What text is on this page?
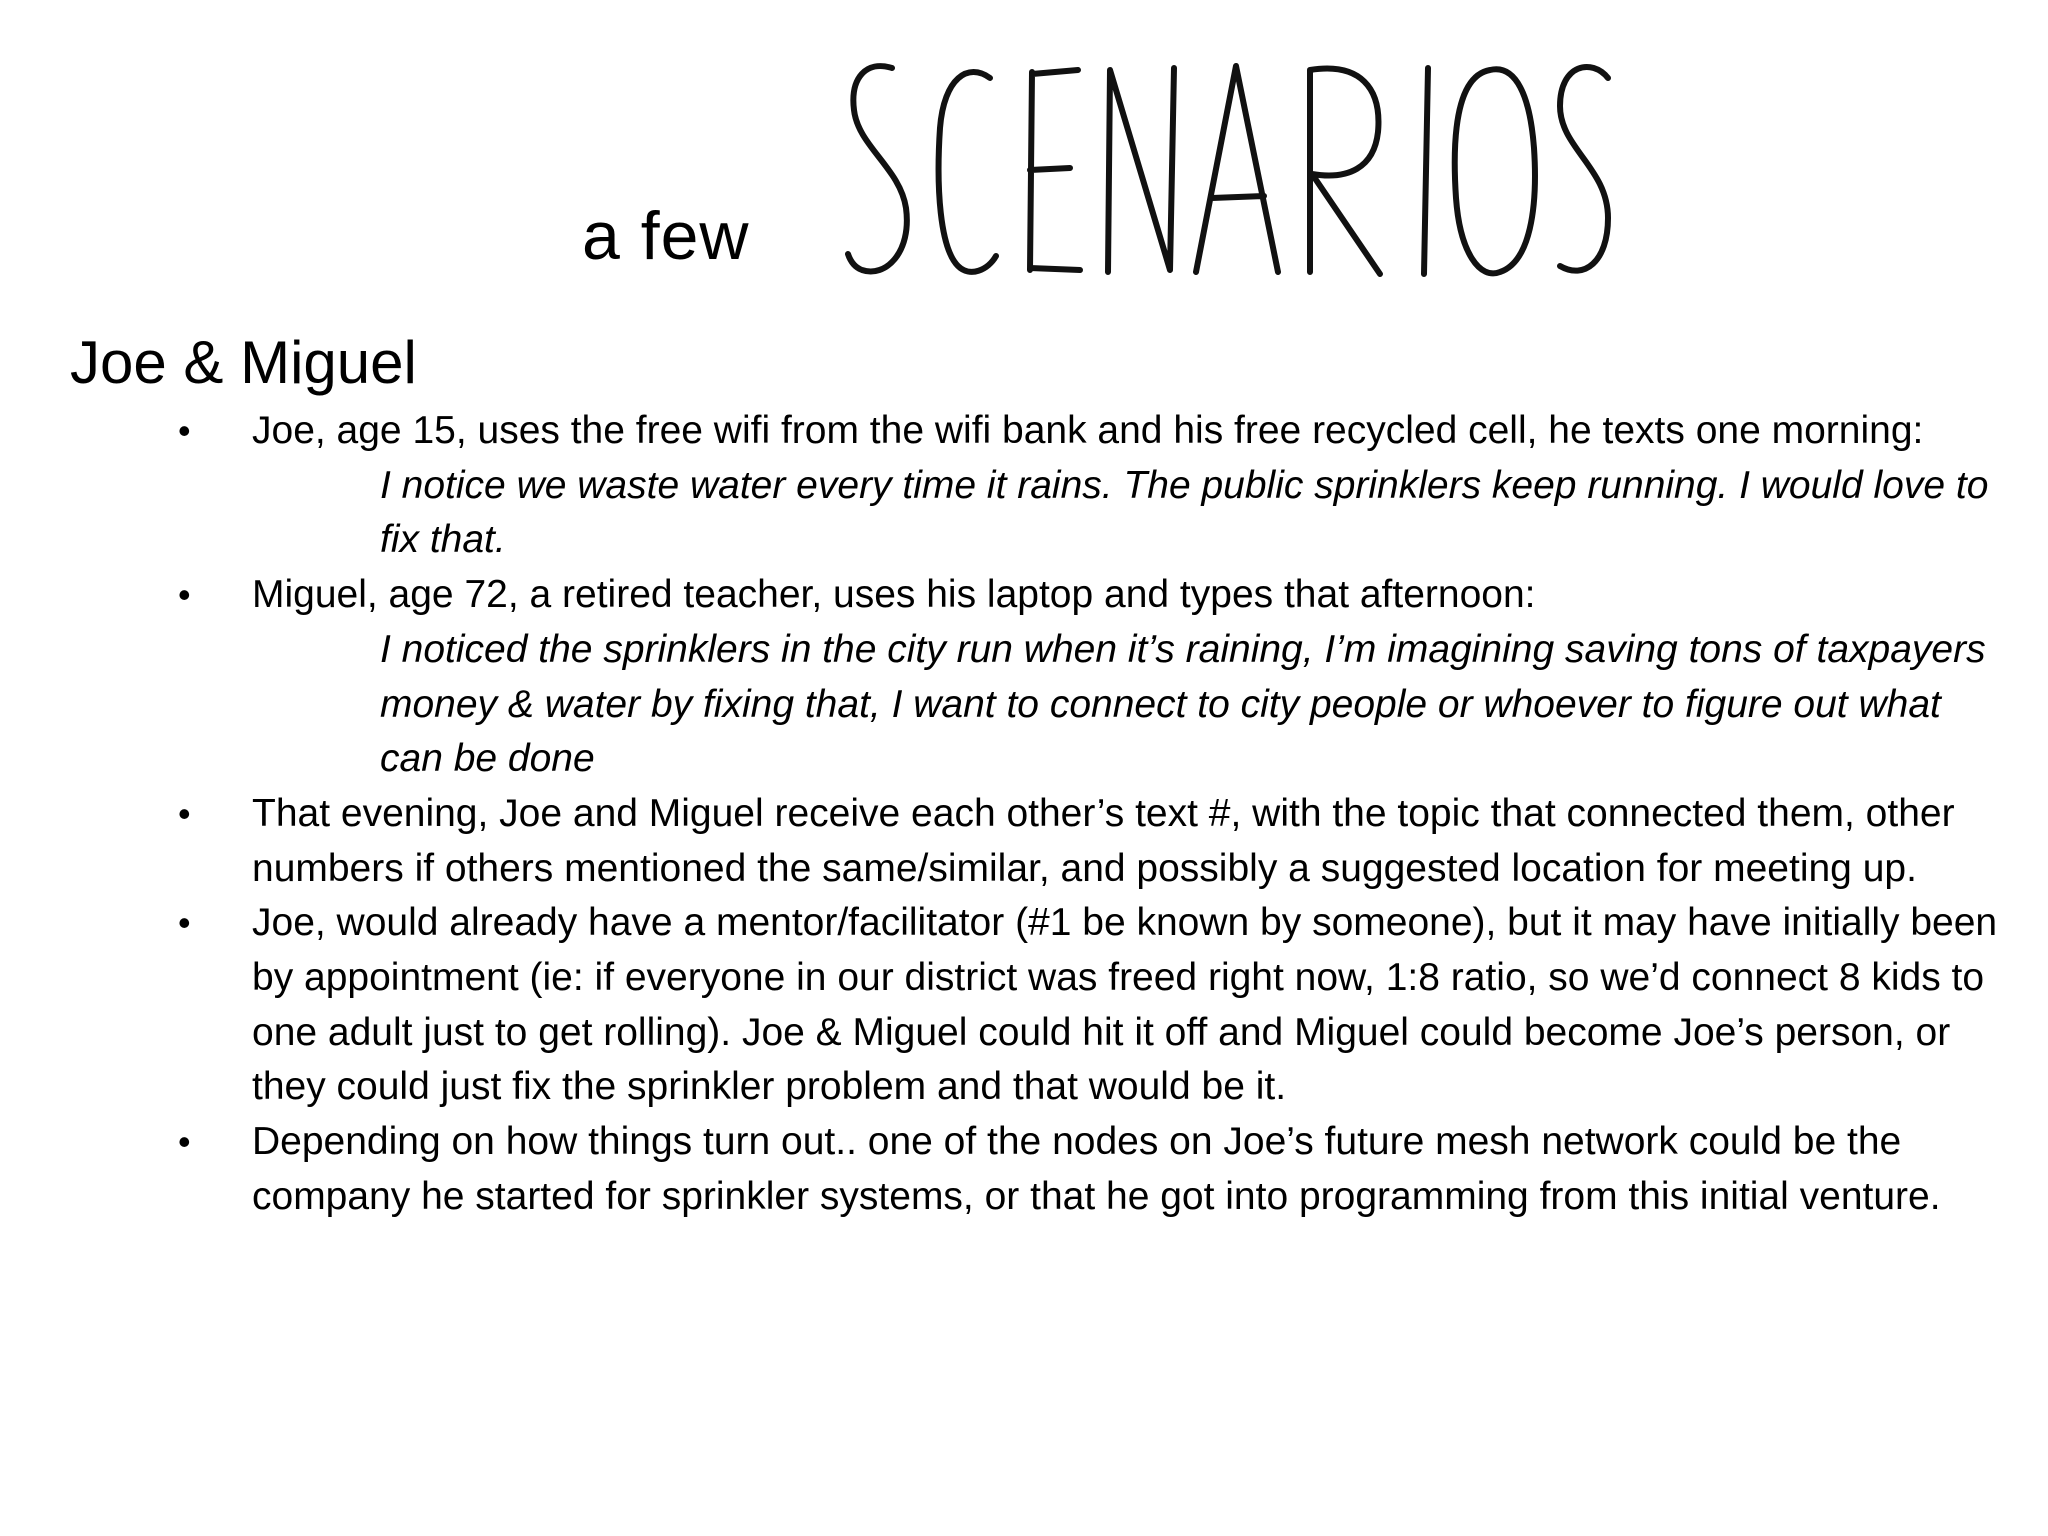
a few
Joe & Miguel
• Joe, age 15, uses the free wifi from the wifi bank and his free recycled cell, he texts one morning:
I notice we waste water every time it rains. The public sprinklers keep running. I would love to fix that.
• Miguel, age 72, a retired teacher, uses his laptop and types that afternoon:
I noticed the sprinklers in the city run when it’s raining, I’m imagining saving tons of taxpayers money & water by fixing that, I want to connect to city people or whoever to figure out what can be done
• That evening, Joe and Miguel receive each other’s text #, with the topic that connected them, other numbers if others mentioned the same/similar, and possibly a suggested location for meeting up.
• Joe, would already have a mentor/facilitator (#1 be known by someone), but it may have initially been by appointment (ie: if everyone in our district was freed right now, 1:8 ratio, so we’d connect 8 kids to one adult just to get rolling). Joe & Miguel could hit it off and Miguel could become Joe’s person, or they could just fix the sprinkler problem and that would be it.
• Depending on how things turn out.. one of the nodes on Joe’s future mesh network could be the company he started for sprinkler systems, or that he got into programming from this initial venture.
